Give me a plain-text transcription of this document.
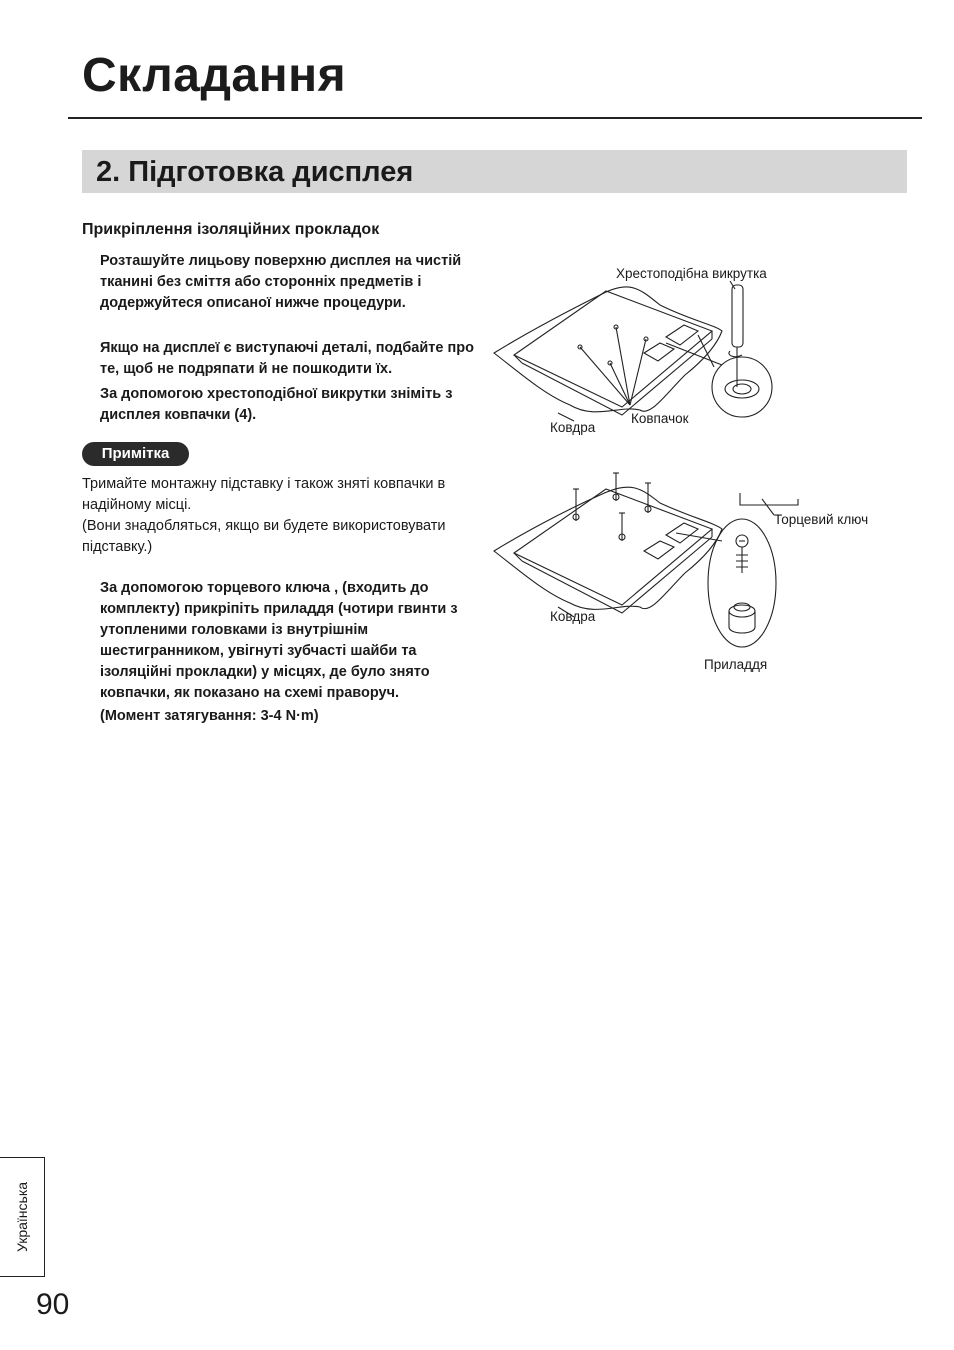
Складання
2. Підготовка дисплея
Прикріплення ізоляційних прокладок
Розташуйте лицьову поверхню дисплея на чистій тканині без сміття або сторонніх предметів і додержуйтеся описаної нижче процедури.
Якщо на дисплеї є виступаючі деталі, подбайте про те, щоб не подряпати й не пошкодити їх.
За допомогою хрестоподібної викрутки зніміть з дисплея ковпачки (4).
Примітка
Тримайте монтажну підставку і також зняті ковпачки в надійному місці.
(Вони знадобляться, якщо ви будете використовувати підставку.)
За допомогою торцевого ключа , (входить до комплекту) прикріпіть приладдя (чотири гвинти з утопленими головками із внутрішнім шестигранником, увігнуті зубчасті шайби та ізоляційні прокладки) у місцях, де було знято ковпачки, як показано на схемі праворуч.
(Момент затягування: 3-4 N·m)
Хрестоподібна викрутка
Ковпачок
Ковдра
Торцевий ключ
Ковдра
Приладдя
Українська
90
